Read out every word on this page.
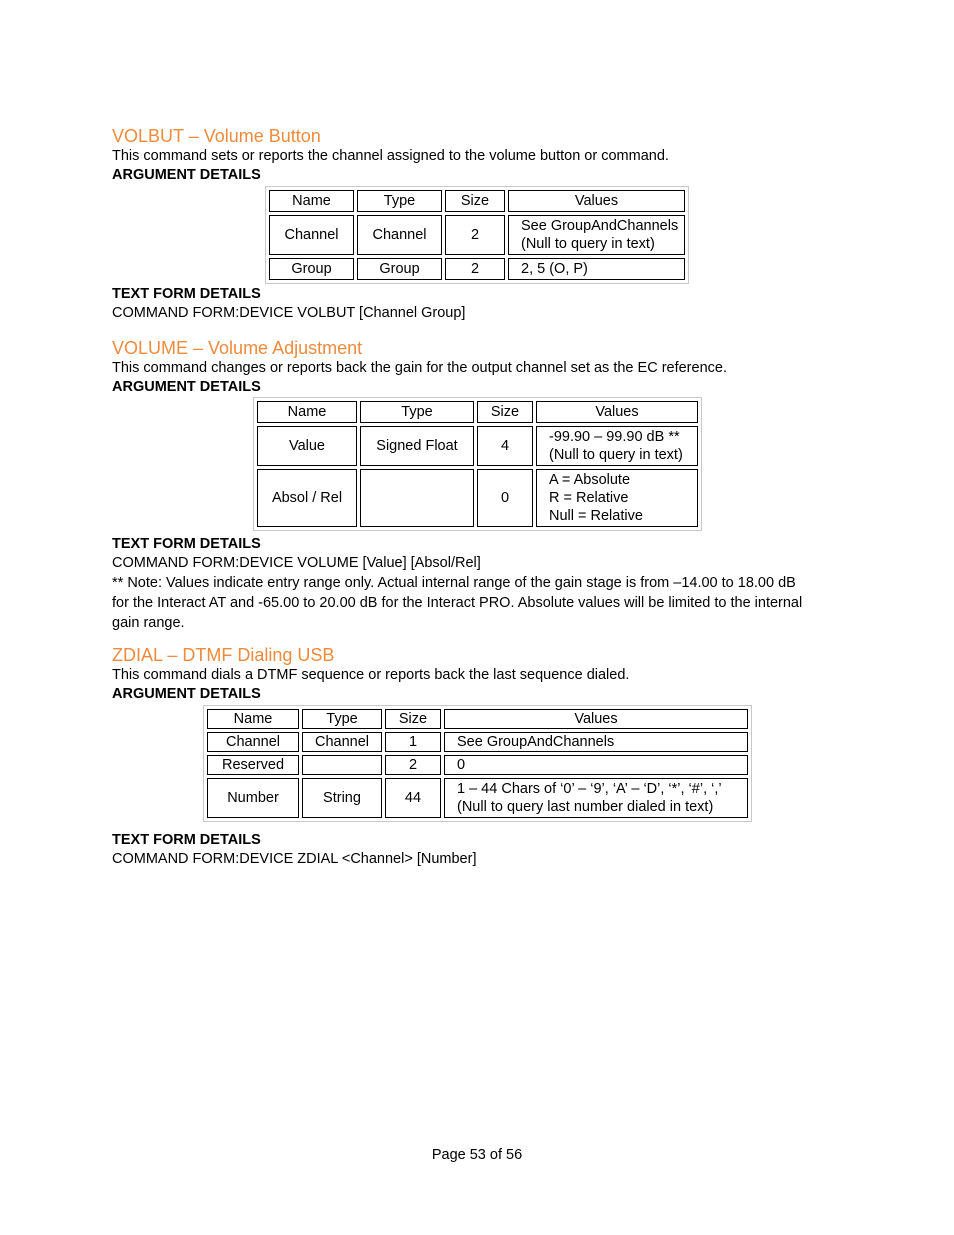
VOLBUT – Volume Button

This command sets or reports the channel assigned to the volume button or command.

ARGUMENT DETAILS

Name	Type	Size	Values
Channel	Channel	2	See GroupAndChannels
(Null to query in text)

Group	Group	2	2, 5 (O, P)

TEXT FORM DETAILS

COMMAND FORM:DEVICE VOLBUT [Channel Group]

VOLUME – Volume Adjustment

This command changes or reports back the gain for the output channel set as the EC reference.

ARGUMENT DETAILS

Name	Type	Size	Values
Value	Signed Float	4	-99.90 – 99.90 dB **
(Null to query in text)

Absol / Rel		0	A = Absolute
R = Relative
Null = Relative

TEXT FORM DETAILS

COMMAND FORM:DEVICE VOLUME [Value] [Absol/Rel]

** Note: Values indicate entry range only. Actual internal range of the gain stage is from –14.00 to 18.00 dB

for the Interact AT and -65.00 to 20.00 dB for the Interact PRO. Absolute values will be limited to the internal

gain range.

ZDIAL – DTMF Dialing USB

This command dials a DTMF sequence or reports back the last sequence dialed.

ARGUMENT DETAILS

Name	Type	Size	Values
Channel	Channel	1	See GroupAndChannels
Reserved		2	0
Number	String	44	1 – 44 Chars of ‘0’ – ‘9’, ‘A’ – ‘D’, ‘*’, ‘#’, ‘,’
(Null to query last number dialed in text)

TEXT FORM DETAILS

COMMAND FORM:DEVICE ZDIAL <Channel> [Number]

Page 53 of 56
